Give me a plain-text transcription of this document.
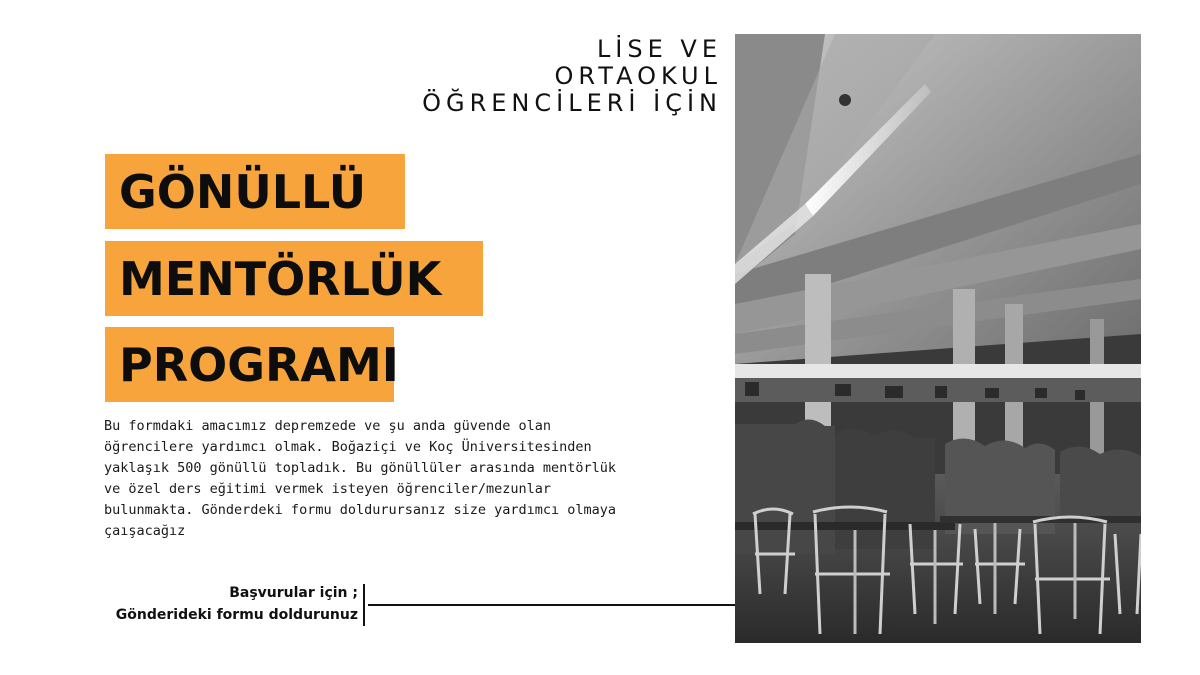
LİSE VE
ORTAOKUL
ÖĞRENCİLERİ İÇİN
GÖNÜLLÜ
MENTÖRLÜK
PROGRAMI
Bu formdaki amacımız depremzede ve şu anda güvende olan
öğrencilere yardımcı olmak. Boğaziçi ve Koç Üniversitesinden
yaklaşık 500 gönüllü topladık. Bu gönüllüler arasında mentörlük
ve özel ders eğitimi vermek isteyen öğrenciler/mezunlar
bulunmakta. Gönderdeki formu doldurursanız size yardımcı olmaya
çaışacağız
Başvurular için ;
Gönderideki formu doldurunuz
